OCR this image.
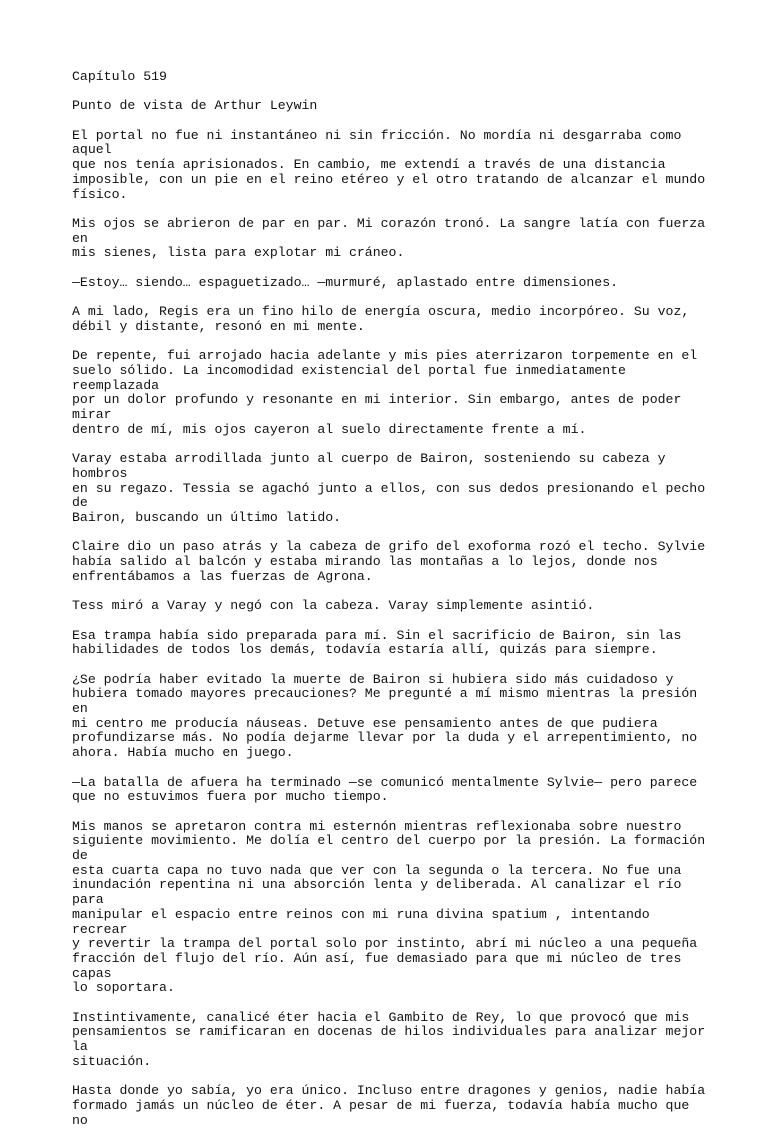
Capítulo 519

Punto de vista de Arthur Leywin

El portal no fue ni instantáneo ni sin fricción. No mordía ni desgarraba como aquel
que nos tenía aprisionados. En cambio, me extendí a través de una distancia
imposible, con un pie en el reino etéreo y el otro tratando de alcanzar el mundo
físico.

Mis ojos se abrieron de par en par. Mi corazón tronó. La sangre latía con fuerza en
mis sienes, lista para explotar mi cráneo.

—Estoy… siendo… espaguetizado… —murmuré, aplastado entre dimensiones.

A mi lado, Regis era un fino hilo de energía oscura, medio incorpóreo. Su voz,
débil y distante, resonó en mi mente.

De repente, fui arrojado hacia adelante y mis pies aterrizaron torpemente en el
suelo sólido. La incomodidad existencial del portal fue inmediatamente reemplazada
por un dolor profundo y resonante en mi interior. Sin embargo, antes de poder mirar
dentro de mí, mis ojos cayeron al suelo directamente frente a mí.

Varay estaba arrodillada junto al cuerpo de Bairon, sosteniendo su cabeza y hombros
en su regazo. Tessia se agachó junto a ellos, con sus dedos presionando el pecho de
Bairon, buscando un último latido.

Claire dio un paso atrás y la cabeza de grifo del exoforma rozó el techo. Sylvie
había salido al balcón y estaba mirando las montañas a lo lejos, donde nos
enfrentábamos a las fuerzas de Agrona.

Tess miró a Varay y negó con la cabeza. Varay simplemente asintió.

Esa trampa había sido preparada para mí. Sin el sacrificio de Bairon, sin las
habilidades de todos los demás, todavía estaría allí, quizás para siempre.

¿Se podría haber evitado la muerte de Bairon si hubiera sido más cuidadoso y
hubiera tomado mayores precauciones? Me pregunté a mí mismo mientras la presión en
mi centro me producía náuseas. Detuve ese pensamiento antes de que pudiera
profundizarse más. No podía dejarme llevar por la duda y el arrepentimiento, no
ahora. Había mucho en juego.

—La batalla de afuera ha terminado —se comunicó mentalmente Sylvie— pero parece
que no estuvimos fuera por mucho tiempo.

Mis manos se apretaron contra mi esternón mientras reflexionaba sobre nuestro
siguiente movimiento. Me dolía el centro del cuerpo por la presión. La formación de
esta cuarta capa no tuvo nada que ver con la segunda o la tercera. No fue una
inundación repentina ni una absorción lenta y deliberada. Al canalizar el río para
manipular el espacio entre reinos con mi runa divina spatium , intentando recrear
y revertir la trampa del portal solo por instinto, abrí mi núcleo a una pequeña
fracción del flujo del río. Aún así, fue demasiado para que mi núcleo de tres capas
lo soportara.

Instintivamente, canalicé éter hacia el Gambito de Rey, lo que provocó que mis
pensamientos se ramificaran en docenas de hilos individuales para analizar mejor la
situación.

Hasta donde yo sabía, yo era único. Incluso entre dragones y genios, nadie había
formado jamás un núcleo de éter. A pesar de mi fuerza, todavía había mucho que no
